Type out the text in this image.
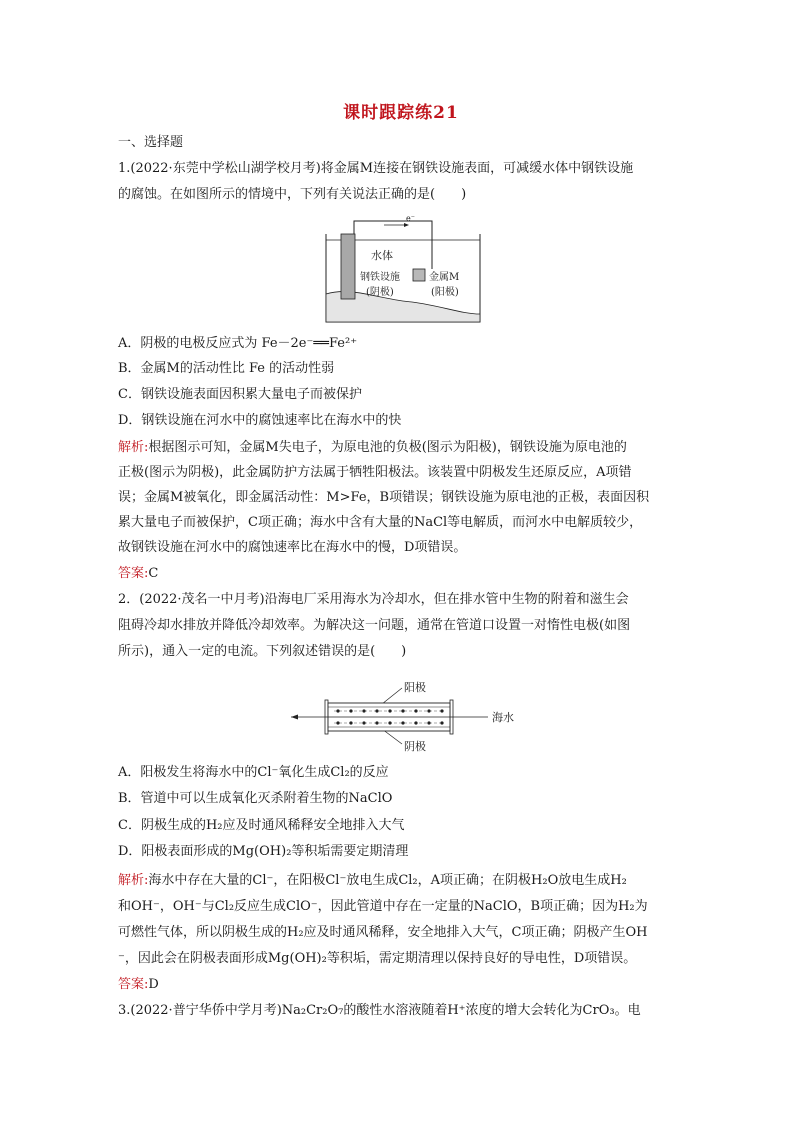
课时跟踪练21
一、选择题
1.(2022·东莞中学松山湖学校月考)将金属M连接在钢铁设施表面，可减缓水体中钢铁设施
的腐蚀。在如图所示的情境中，下列有关说法正确的是(　　)
e⁻
水体
钢铁设施
(阴极)
金属M
(阳极)
A．阴极的电极反应式为 Fe－2e⁻══Fe²⁺
B．金属M的活动性比 Fe 的活动性弱
C．钢铁设施表面因积累大量电子而被保护
D．钢铁设施在河水中的腐蚀速率比在海水中的快
解析:根据图示可知，金属M失电子，为原电池的负极(图示为阳极)，钢铁设施为原电池的
正极(图示为阴极)，此金属防护方法属于牺牲阳极法。该装置中阴极发生还原反应，A项错
误；金属M被氧化，即金属活动性：M>Fe，B项错误；钢铁设施为原电池的正极，表面因积
累大量电子而被保护，C项正确；海水中含有大量的NaCl等电解质，而河水中电解质较少，
故钢铁设施在河水中的腐蚀速率比在海水中的慢，D项错误。
答案:C
2．(2022·茂名一中月考)沿海电厂采用海水为冷却水，但在排水管中生物的附着和滋生会
阻碍冷却水排放并降低冷却效率。为解决这一问题，通常在管道口设置一对惰性电极(如图
所示)，通入一定的电流。下列叙述错误的是(　　)
阳极
阴极
海水
A．阳极发生将海水中的Cl⁻氧化生成Cl₂的反应
B．管道中可以生成氧化灭杀附着生物的NaClO
C．阴极生成的H₂应及时通风稀释安全地排入大气
D．阳极表面形成的Mg(OH)₂等积垢需要定期清理
解析:海水中存在大量的Cl⁻，在阳极Cl⁻放电生成Cl₂，A项正确；在阴极H₂O放电生成H₂
和OH⁻，OH⁻与Cl₂反应生成ClO⁻，因此管道中存在一定量的NaClO，B项正确；因为H₂为
可燃性气体，所以阴极生成的H₂应及时通风稀释，安全地排入大气，C项正确；阴极产生OH
⁻，因此会在阴极表面形成Mg(OH)₂等积垢，需定期清理以保持良好的导电性，D项错误。
答案:D
3.(2022·普宁华侨中学月考)Na₂Cr₂O₇的酸性水溶液随着H⁺浓度的增大会转化为CrO₃。电
